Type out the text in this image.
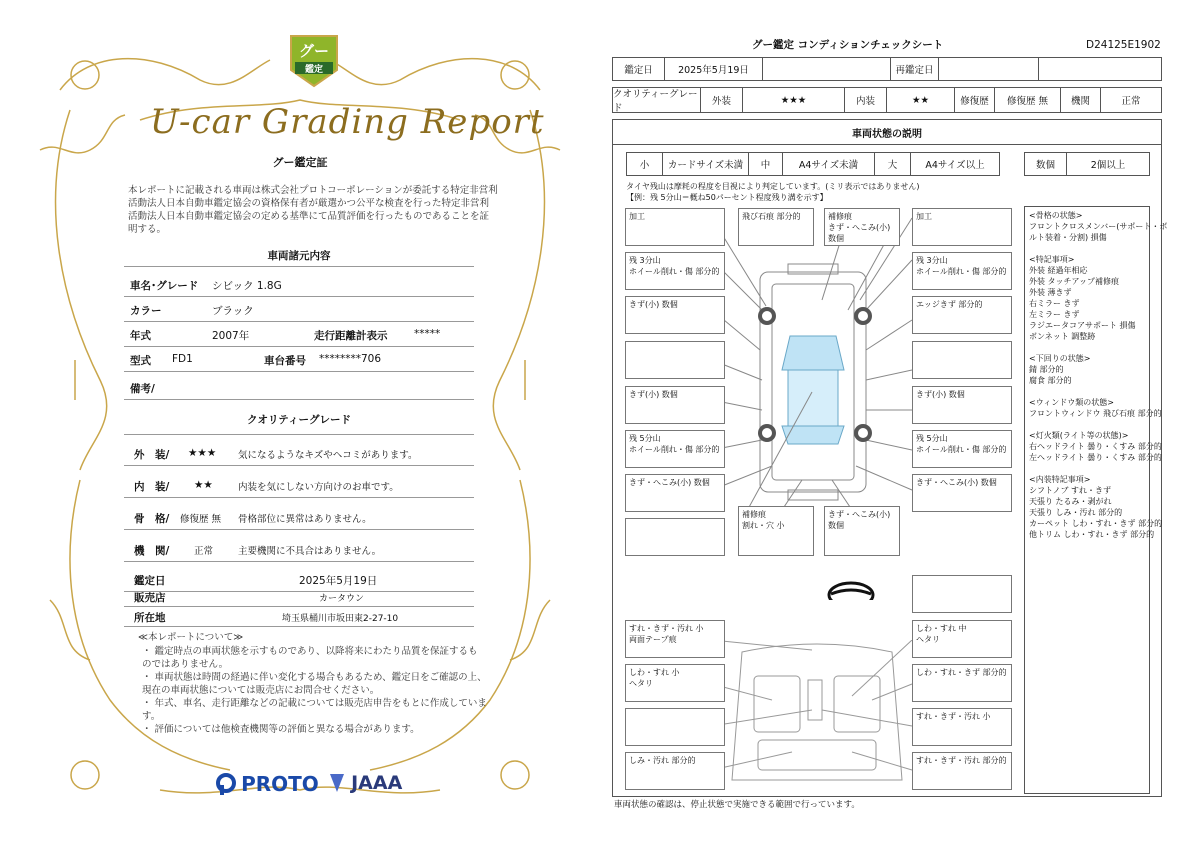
グー
鑑定
U-car Grading Report
グー鑑定証
本レポートに記載される車両は株式会社プロトコーポレーションが委託する特定非営利活動法人日本自動車鑑定協会の資格保有者が厳選かつ公平な検査を行った特定非営利活動法人日本自動車鑑定協会の定める基準にて品質評価を行ったものであることを証明する。
車両諸元内容
車名･グレード シビック 1.8G
カラー	ブラック
年式	2007年	走行距離計表示	*****
型式 FD1	車台番号 ********706
備考/
クオリティーグレード
外　装/ ★★★ 気になるようなキズやヘコミがあります。
内　装/ ★★	内装を気にしない方向けのお車です。
骨　格/ 修復歴 無 骨格部位に異常はありません。
機　関/	正常	主要機関に不具合はありません。
鑑定日	2025年5月19日
販売店	カータウン
所在地	埼玉県桶川市坂田東2-27-10
≪本レポートについて≫
・ 鑑定時点の車両状態を示すものであり、以降将来にわたり品質を保証するものではありません。
・ 車両状態は時間の経過に伴い変化する場合もあるため、鑑定日をご確認の上、現在の車両状態については販売店にお問合せください。
・ 年式、車名、走行距離などの記載については販売店申告をもとに作成しています。
・ 評価については他検査機関等の評価と異なる場合があります。
PROTO	JAAA
グー鑑定 コンディションチェックシート	D24125E1902
鑑定日	2025年5月19日	再鑑定日
クオリティーグレード
外装	★★★	内装	★★	修復歴	修復歴 無	機関	正常
車両状態の説明
小	カードサイズ未満	中	A4サイズ未満	大	A4サイズ以上	数個	2個以上
タイヤ残山は摩耗の程度を目視により判定しています。(ミリ表示ではありません)
【例：残 5分山＝概ね50パーセント程度残り溝を示す】
加工	飛び石痕 部分的	補修痕
きず・へこみ(小) 数個
加工
残 3分山
ホイール削れ・傷 部分的
残 3分山
ホイール削れ・傷 部分的
きず(小) 数個	エッジきず 部分的
きず(小) 数個	きず(小) 数個
残 5分山
ホイール削れ・傷 部分的
残 5分山
ホイール削れ・傷 部分的
きず・へこみ(小) 数個	きず・へこみ(小) 数個
補修痕
割れ・穴 小
きず・へこみ(小) 数個
すれ・きず・汚れ 小
両面テープ痕
しわ・すれ 中
ヘタリ
しわ・すれ 小
ヘタリ
しわ・すれ・きず 部分的
すれ・きず・汚れ 小
しみ・汚れ 部分的	すれ・きず・汚れ 部分的
<骨格の状態>
フロントクロスメンバー(サポート・ボ
ルト装着・分割) 損傷
<特記事項>
外装 経過年相応
外装 タッチアップ補修痕
外装 薄きず
右ミラー きず
左ミラー きず
ラジエータコアサポート 損傷
ボンネット 調整跡
<下回りの状態>
錆 部分的
腐食 部分的
<ウィンドウ類の状態>
フロントウィンドウ 飛び石痕 部分的
<灯火類(ライト等の状態)>
右ヘッドライト 曇り・くすみ 部分的
左ヘッドライト 曇り・くすみ 部分的
<内装特記事項>
シフトノブ すれ・きず
天張り たるみ・剥がれ
天張り しみ・汚れ 部分的
カーペット しわ・すれ・きず 部分的
他トリム しわ・すれ・きず 部分的
車両状態の確認は、停止状態で実施できる範囲で行っています。
